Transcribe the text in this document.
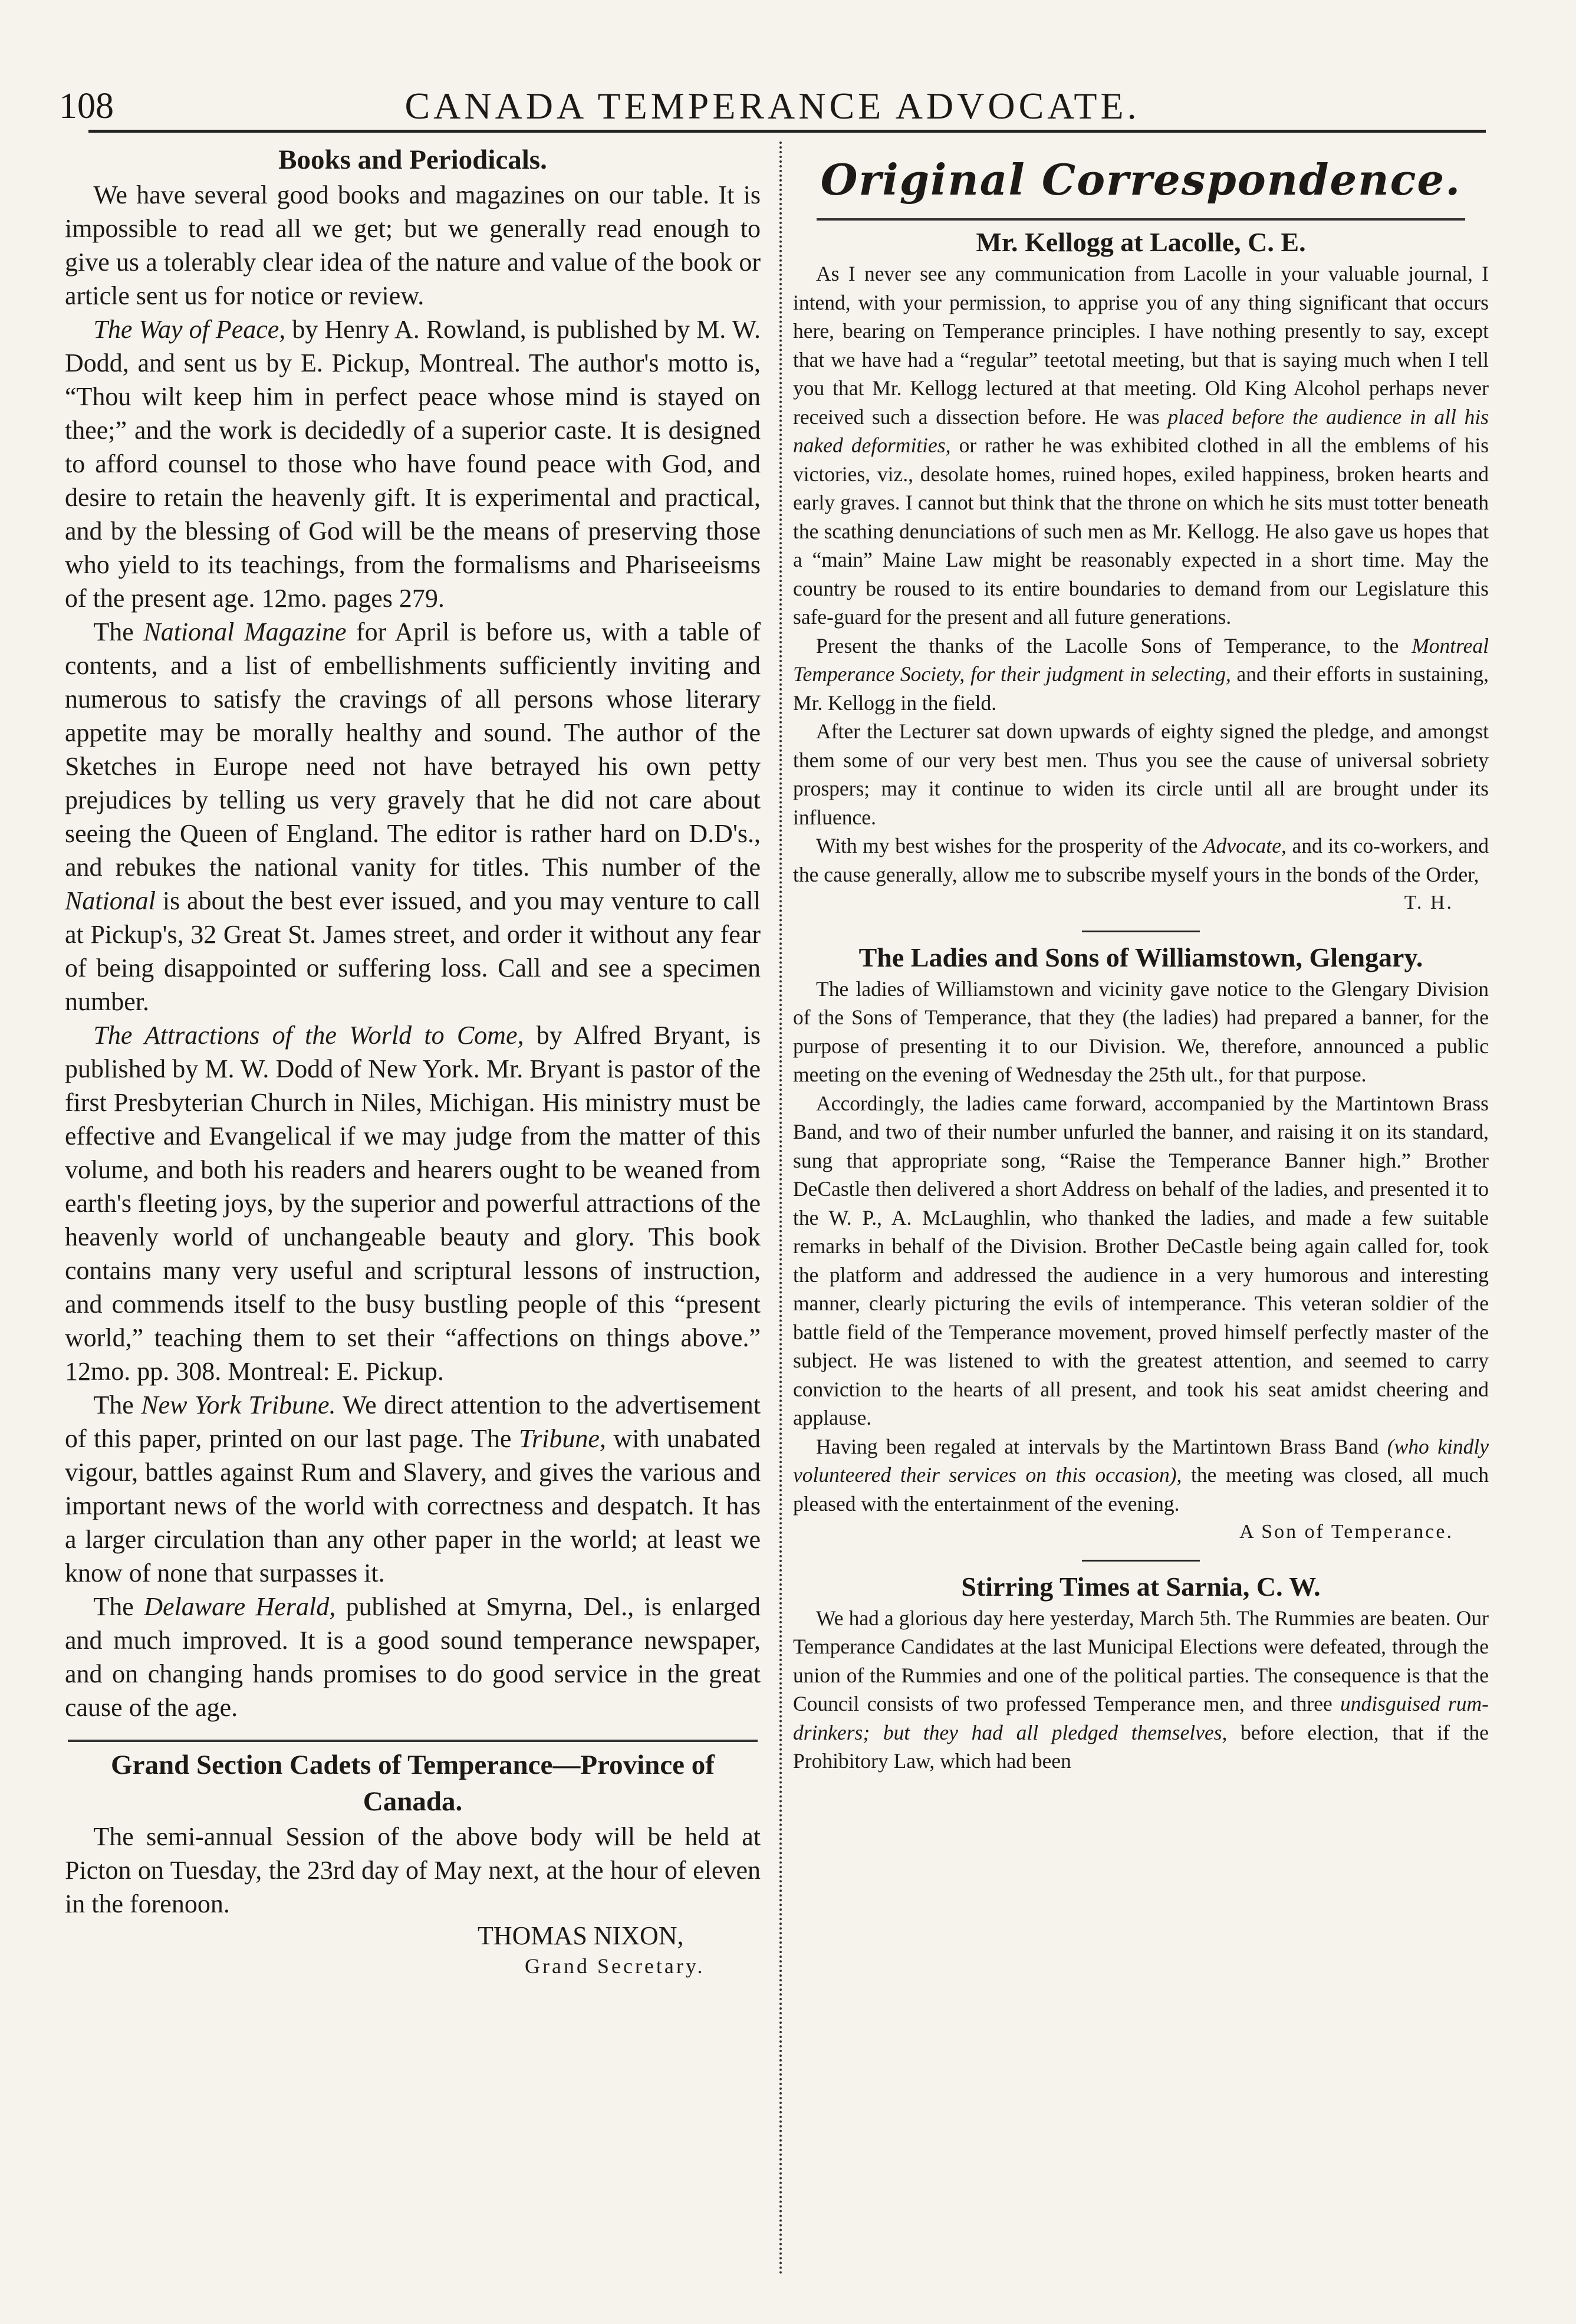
108	CANADA TEMPERANCE ADVOCATE.
Books and Periodicals.

We have several good books and magazines on our table. It is impossible to read all we get; but we generally read enough to give us a tolerably clear idea of the nature and value of the book or article sent us for notice or review.

The Way of Peace, by Henry A. Rowland, is published by M. W. Dodd, and sent us by E. Pickup, Montreal. The author's motto is, “Thou wilt keep him in perfect peace whose mind is stayed on thee;” and the work is decidedly of a superior caste. It is designed to afford counsel to those who have found peace with God, and desire to retain the heavenly gift. It is experimental and practical, and by the blessing of God will be the means of preserving those who yield to its teachings, from the formalisms and Phariseeisms of the present age. 12mo. pages 279.

The National Magazine for April is before us, with a table of contents, and a list of embellishments sufficiently inviting and numerous to satisfy the cravings of all persons whose literary appetite may be morally healthy and sound. The author of the Sketches in Europe need not have betrayed his own petty prejudices by telling us very gravely that he did not care about seeing the Queen of England. The editor is rather hard on D.D's., and rebukes the national vanity for titles. This number of the National is about the best ever issued, and you may venture to call at Pickup's, 32 Great St. James street, and order it without any fear of being disappointed or suffering loss. Call and see a specimen number.

The Attractions of the World to Come, by Alfred Bryant, is published by M. W. Dodd of New York. Mr. Bryant is pastor of the first Presbyterian Church in Niles, Michigan. His ministry must be effective and Evangelical if we may judge from the matter of this volume, and both his readers and hearers ought to be weaned from earth's fleeting joys, by the superior and powerful attractions of the heavenly world of unchangeable beauty and glory. This book contains many very useful and scriptural lessons of instruction, and commends itself to the busy bustling people of this “present world,” teaching them to set their “affections on things above.” 12mo. pp. 308. Montreal: E. Pickup.

The New York Tribune. We direct attention to the advertisement of this paper, printed on our last page. The Tribune, with unabated vigour, battles against Rum and Slavery, and gives the various and important news of the world with correctness and despatch. It has a larger circulation than any other paper in the world; at least we know of none that surpasses it.

The Delaware Herald, published at Smyrna, Del., is enlarged and much improved. It is a good sound temperance newspaper, and on changing hands promises to do good service in the great cause of the age.

Grand Section Cadets of Temperance—Province of Canada.

The semi-annual Session of the above body will be held at Picton on Tuesday, the 23rd day of May next, at the hour of eleven in the forenoon.

THOMAS NIXON,
Grand Secretary.
Original Correspondence.
Mr. Kellogg at Lacolle, C. E.

As I never see any communication from Lacolle in your valuable journal, I intend, with your permission, to apprise you of any thing significant that occurs here, bearing on Temperance principles. I have nothing presently to say, except that we have had a “regular” teetotal meeting, but that is saying much when I tell you that Mr. Kellogg lectured at that meeting. Old King Alcohol perhaps never received such a dissection before. He was placed before the audience in all his naked deformities, or rather he was exhibited clothed in all the emblems of his victories, viz., desolate homes, ruined hopes, exiled happiness, broken hearts and early graves. I cannot but think that the throne on which he sits must totter beneath the scathing denunciations of such men as Mr. Kellogg. He also gave us hopes that a “main” Maine Law might be reasonably expected in a short time. May the country be roused to its entire boundaries to demand from our Legislature this safe-guard for the present and all future generations.

Present the thanks of the Lacolle Sons of Temperance, to the Montreal Temperance Society, for their judgment in selecting, and their efforts in sustaining, Mr. Kellogg in the field.

After the Lecturer sat down upwards of eighty signed the pledge, and amongst them some of our very best men. Thus you see the cause of universal sobriety prospers; may it continue to widen its circle until all are brought under its influence.

With my best wishes for the prosperity of the Advocate, and its co-workers, and the cause generally, allow me to subscribe myself yours in the bonds of the Order,

T. H.
The Ladies and Sons of Williamstown, Glengary.

The ladies of Williamstown and vicinity gave notice to the Glengary Division of the Sons of Temperance, that they (the ladies) had prepared a banner, for the purpose of presenting it to our Division. We, therefore, announced a public meeting on the evening of Wednesday the 25th ult., for that purpose.

Accordingly, the ladies came forward, accompanied by the Martintown Brass Band, and two of their number unfurled the banner, and raising it on its standard, sung that appropriate song, “Raise the Temperance Banner high.” Brother DeCastle then delivered a short Address on behalf of the ladies, and presented it to the W. P., A. McLaughlin, who thanked the ladies, and made a few suitable remarks in behalf of the Division. Brother DeCastle being again called for, took the platform and addressed the audience in a very humorous and interesting manner, clearly picturing the evils of intemperance. This veteran soldier of the battle field of the Temperance movement, proved himself perfectly master of the subject. He was listened to with the greatest attention, and seemed to carry conviction to the hearts of all present, and took his seat amidst cheering and applause.

Having been regaled at intervals by the Martintown Brass Band (who kindly volunteered their services on this occasion), the meeting was closed, all much pleased with the entertainment of the evening.

A Son of Temperance.
Stirring Times at Sarnia, C. W.

We had a glorious day here yesterday, March 5th. The Rummies are beaten. Our Temperance Candidates at the last Municipal Elections were defeated, through the union of the Rummies and one of the political parties. The consequence is that the Council consists of two professed Temperance men, and three undisguised rum-drinkers; but they had all pledged themselves, before election, that if the Prohibitory Law, which had been
